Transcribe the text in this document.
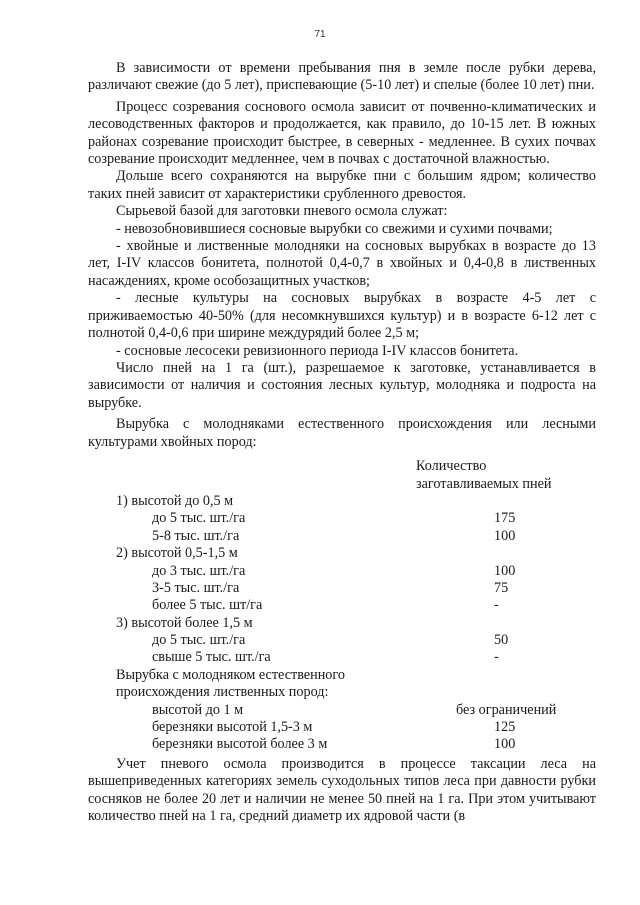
71

В зависимости от времени пребывания пня в земле после рубки дерева, различают свежие (до 5 лет), приспевающие (5-10 лет) и спелые (более 10 лет) пни.

Процесс созревания соснового осмола зависит от почвенно-климатических и лесоводственных факторов и продолжается, как правило, до 10-15 лет. В южных районах созревание происходит быстрее, в северных - медленнее. В сухих почвах созревание происходит медленнее, чем в почвах с достаточной влажностью.

Дольше всего сохраняются на вырубке пни с большим ядром; количество таких пней зависит от характеристики срубленного древостоя.

Сырьевой базой для заготовки пневого осмола служат:

- невозобновившиеся сосновые вырубки со свежими и сухими почвами;

- хвойные и лиственные молодняки на сосновых вырубках в возрасте до 13 лет, I-IV классов бонитета, полнотой 0,4-0,7 в хвойных и 0,4-0,8 в лиственных насаждениях, кроме особозащитных участков;

- лесные культуры на сосновых вырубках в возрасте 4-5 лет с приживаемостью 40-50% (для несомкнувшихся культур) и в возрасте 6-12 лет с полнотой 0,4-0,6 при ширине междурядий более 2,5 м;

- сосновые лесосеки ревизионного периода I-IV классов бонитета.

Число пней на 1 га (шт.), разрешаемое к заготовке, устанавливается в зависимости от наличия и состояния лесных культур, молодняка и подроста на вырубке.

Вырубка с молодняками естественного происхождения или лесными культурами хвойных пород:

Количество
заготавливаемых пней
1) высотой до 0,5 м
до 5 тыс. шт./га	175
5-8 тыс. шт./га	100
2) высотой 0,5-1,5 м
до 3 тыс. шт./га	100
3-5 тыс. шт./га	75
более 5 тыс. шт/га	-
3) высотой более 1,5 м
до 5 тыс. шт./га	50
свыше 5 тыс. шт./га	-
Вырубка с молодняком естественного
происхождения лиственных пород:
высотой до 1 м	без ограничений
березняки высотой 1,5-3 м	125
березняки высотой более 3 м	100

Учет пневого осмола производится в процессе таксации леса на вышеприведенных категориях земель суходольных типов леса при давности рубки сосняков не более 20 лет и наличии не менее 50 пней на 1 га. При этом учитывают количество пней на 1 га, средний диаметр их ядровой части (в
